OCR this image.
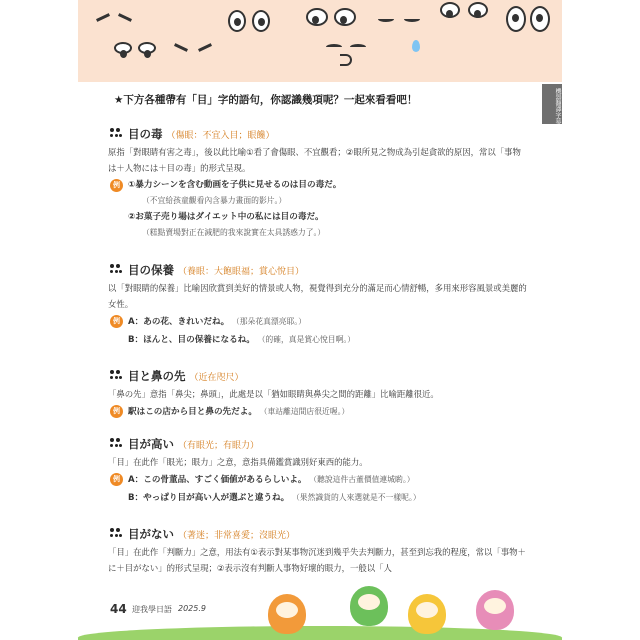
機器翻譯字幕
★下方各種帶有「目」字的語句，你認識幾項呢？一起來看看吧！
目の毒 （傷眼：不宜入目；眼饞）
原指「對眼睛有害之毒」，後以此比喻①看了會傷眼、不宜觀看；②眼所見之物成為引起貪欲的原因，常以「事物は＋人物には＋目の毒」的形式呈現。
例 ①暴力シーンを含む動画を子供に見せるのは目の毒だ。
（不宜給孩童觀看內含暴力畫面的影片。）
②お菓子売り場はダイエット中の私には目の毒だ。
（糕點賣場對正在減肥的我來說實在太具誘惑力了。）
目の保養 （養眼：大飽眼福；賞心悅目）
以「對眼睛的保養」比喻因欣賞到美好的情景或人物，視覺得到充分的滿足而心情舒暢，多用來形容風景或美麗的女性。
例 A：あの花、きれいだね。 （那朵花真漂亮耶。）
B：ほんと、目の保養になるね。 （的確，真是賞心悅目啊。）
目と鼻の先 （近在咫尺）
「鼻の先」意指「鼻尖；鼻頭」，此處是以「猶如眼睛與鼻尖之間的距離」比喻距離很近。
例 駅はこの店から目と鼻の先だよ。 （車站離這間店很近喔。）
目が高い （有眼光；有眼力）
「目」在此作「眼光；眼力」之意，意指具備鑑賞識別好東西的能力。
例 A：この骨董品、すごく価値があるらしいよ。 （聽說這件古董價值連城喲。）
B：やっぱり目が高い人が選ぶと違うね。 （果然識貨的人來選就是不一樣呢。）
目がない （著迷；非常喜愛；沒眼光）
「目」在此作「判斷力」之意，用法有①表示對某事物沉迷到幾乎失去判斷力，甚至到忘我的程度，常以「事物＋に＋目がない」的形式呈現；②表示沒有判斷人事物好壞的眼力，一般以「人
44 迎我學日語 2025.9
